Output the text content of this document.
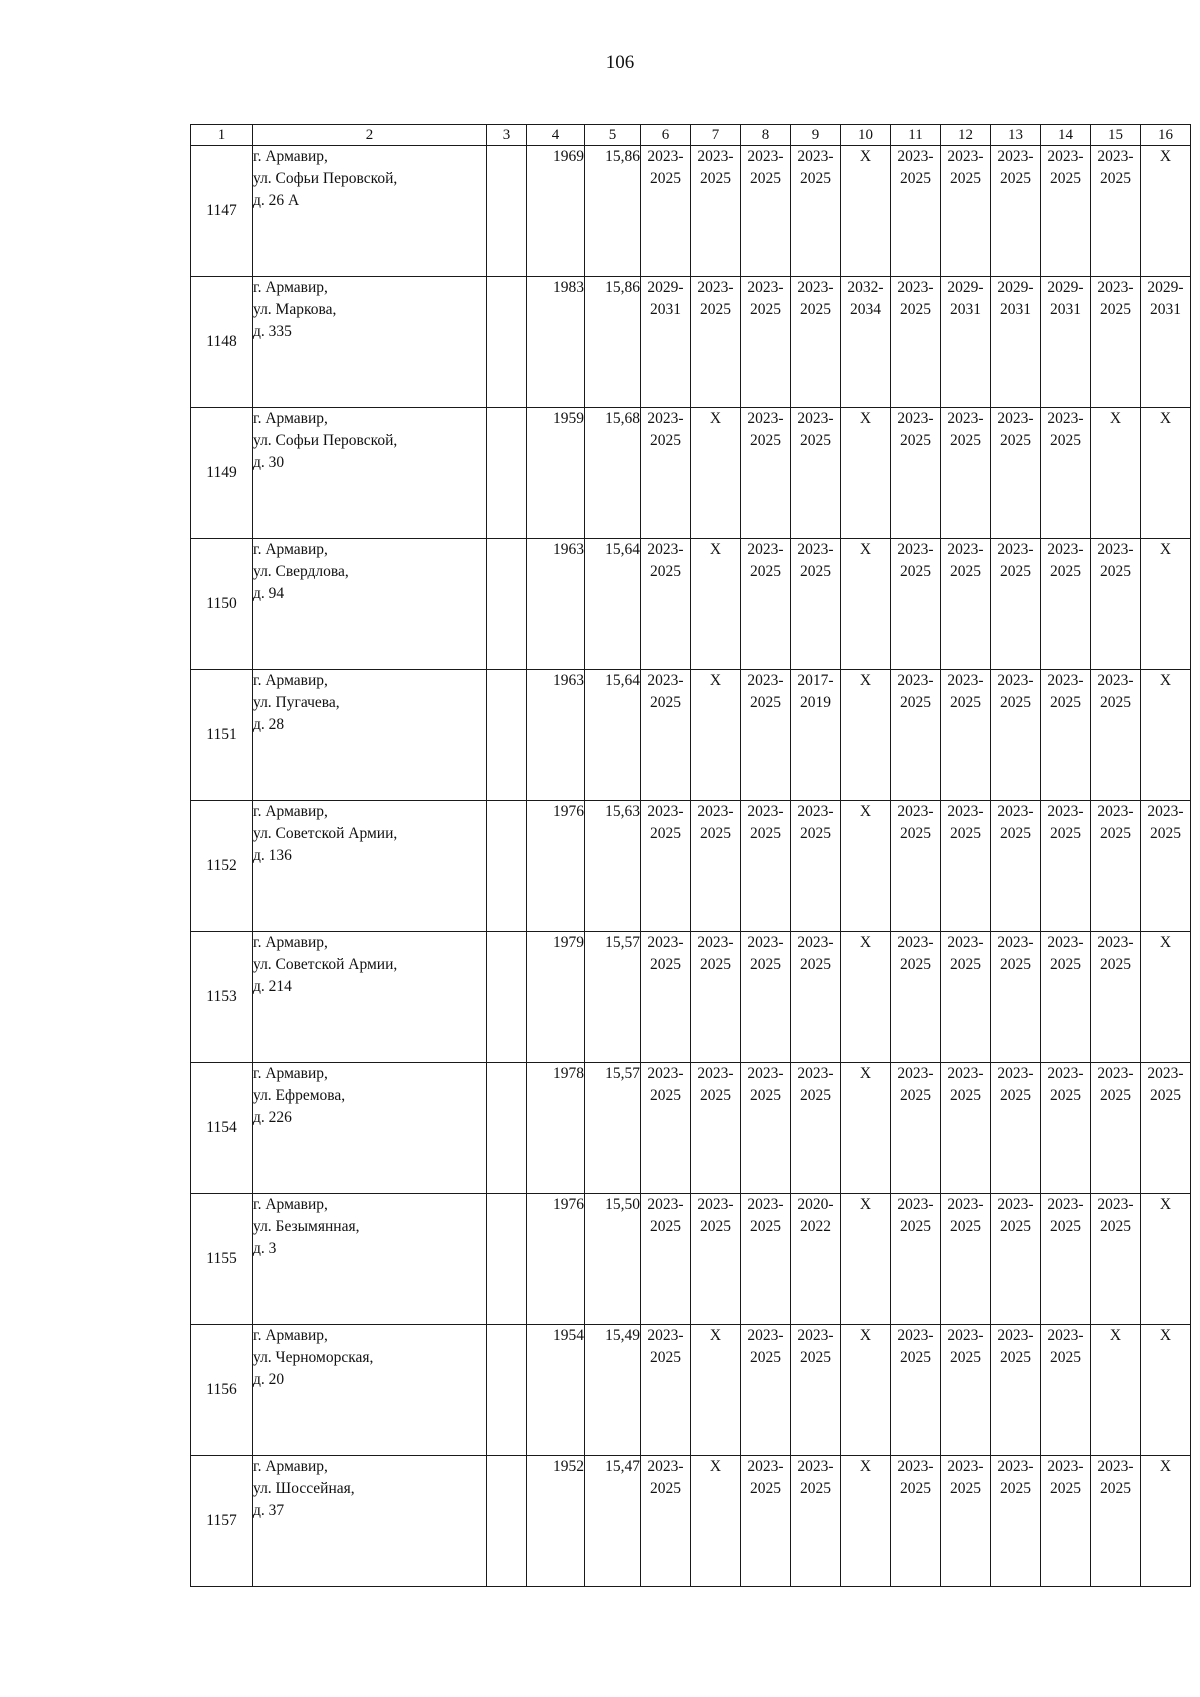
106
1	2	3	4	5	6	7	8	9	10	11	12	13	14	15	16
1147	г. Армавир,
ул. Софьи Перовской,
д. 26 А		1969	15,86	2023-
2025	2023-
2025	2023-
2025	2023-
2025	X	2023-
2025	2023-
2025	2023-
2025	2023-
2025	2023-
2025	X
1148	г. Армавир,
ул. Маркова,
д. 335		1983	15,86	2029-
2031	2023-
2025	2023-
2025	2023-
2025	2032-
2034	2023-
2025	2029-
2031	2029-
2031	2029-
2031	2023-
2025	2029-
2031
1149	г. Армавир,
ул. Софьи Перовской,
д. 30		1959	15,68	2023-
2025	X	2023-
2025	2023-
2025	X	2023-
2025	2023-
2025	2023-
2025	2023-
2025	X	X
1150	г. Армавир,
ул. Свердлова,
д. 94		1963	15,64	2023-
2025	X	2023-
2025	2023-
2025	X	2023-
2025	2023-
2025	2023-
2025	2023-
2025	2023-
2025	X
1151	г. Армавир,
ул. Пугачева,
д. 28		1963	15,64	2023-
2025	X	2023-
2025	2017-
2019	X	2023-
2025	2023-
2025	2023-
2025	2023-
2025	2023-
2025	X
1152	г. Армавир,
ул. Советской Армии,
д. 136		1976	15,63	2023-
2025	2023-
2025	2023-
2025	2023-
2025	X	2023-
2025	2023-
2025	2023-
2025	2023-
2025	2023-
2025	2023-
2025
1153	г. Армавир,
ул. Советской Армии,
д. 214		1979	15,57	2023-
2025	2023-
2025	2023-
2025	2023-
2025	X	2023-
2025	2023-
2025	2023-
2025	2023-
2025	2023-
2025	X
1154	г. Армавир,
ул. Ефремова,
д. 226		1978	15,57	2023-
2025	2023-
2025	2023-
2025	2023-
2025	X	2023-
2025	2023-
2025	2023-
2025	2023-
2025	2023-
2025	2023-
2025
1155	г. Армавир,
ул. Безымянная,
д. 3		1976	15,50	2023-
2025	2023-
2025	2023-
2025	2020-
2022	X	2023-
2025	2023-
2025	2023-
2025	2023-
2025	2023-
2025	X
1156	г. Армавир,
ул. Черноморская,
д. 20		1954	15,49	2023-
2025	X	2023-
2025	2023-
2025	X	2023-
2025	2023-
2025	2023-
2025	2023-
2025	X	X
1157	г. Армавир,
ул. Шоссейная,
д. 37		1952	15,47	2023-
2025	X	2023-
2025	2023-
2025	X	2023-
2025	2023-
2025	2023-
2025	2023-
2025	2023-
2025	X
